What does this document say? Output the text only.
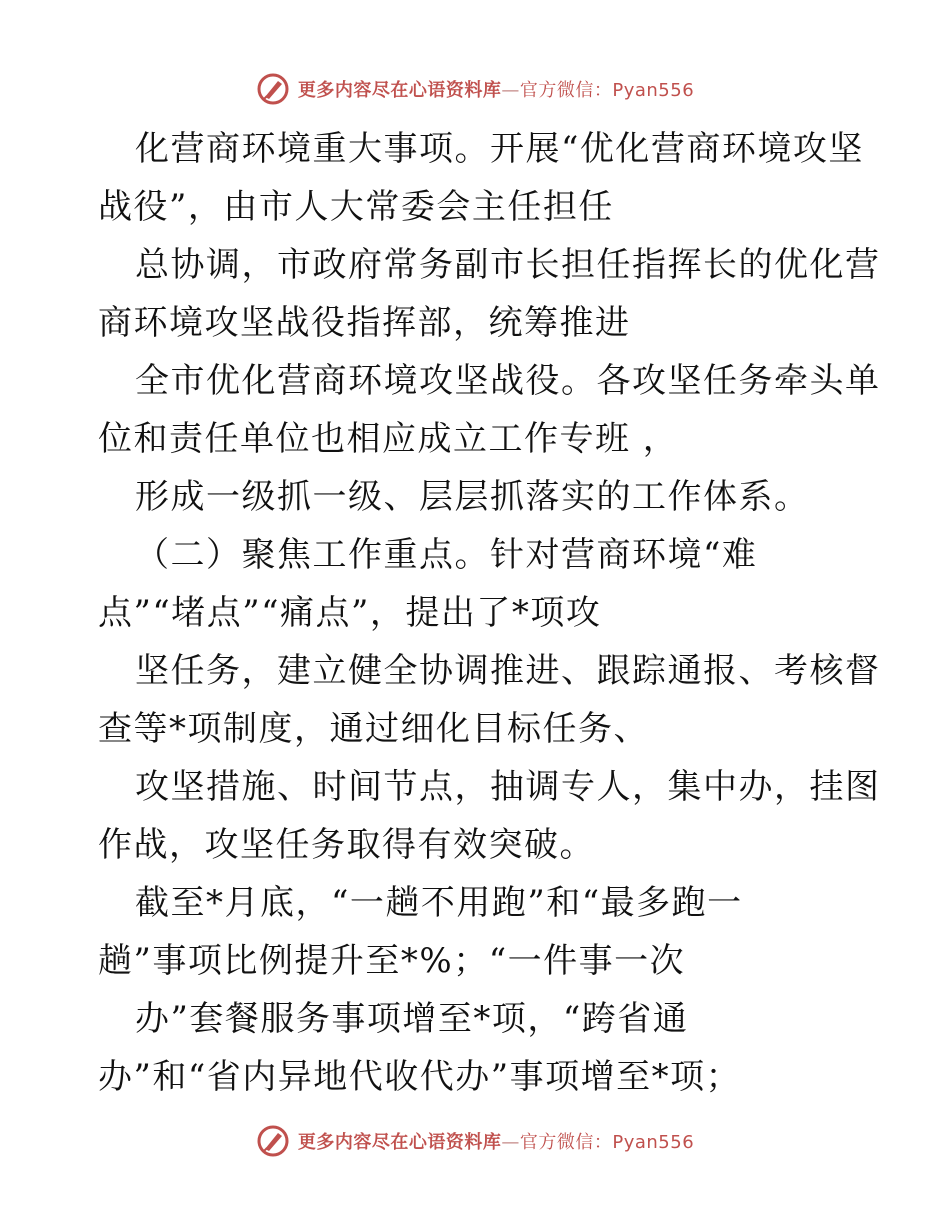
更多内容尽在心语资料库—官方微信：Pyan556
化营商环境重大事项。开展“优化营商环境攻坚
战役”，由市人大常委会主任担任
总协调，市政府常务副市长担任指挥长的优化营
商环境攻坚战役指挥部，统筹推进
全市优化营商环境攻坚战役。各攻坚任务牵头单
位和责任单位也相应成立工作专班 ，
形成一级抓一级、层层抓落实的工作体系。
（二）聚焦工作重点。针对营商环境“难
点”“堵点”“痛点”，提出了*项攻
坚任务，建立健全协调推进、跟踪通报、考核督
查等*项制度，通过细化目标任务、
攻坚措施、时间节点，抽调专人，集中办，挂图
作战，攻坚任务取得有效突破。
截至*月底，“一趟不用跑”和“最多跑一
趟”事项比例提升至*%；“一件事一次
办”套餐服务事项增至*项，“跨省通
办”和“省内异地代收代办”事项增至*项；
更多内容尽在心语资料库—官方微信：Pyan556
